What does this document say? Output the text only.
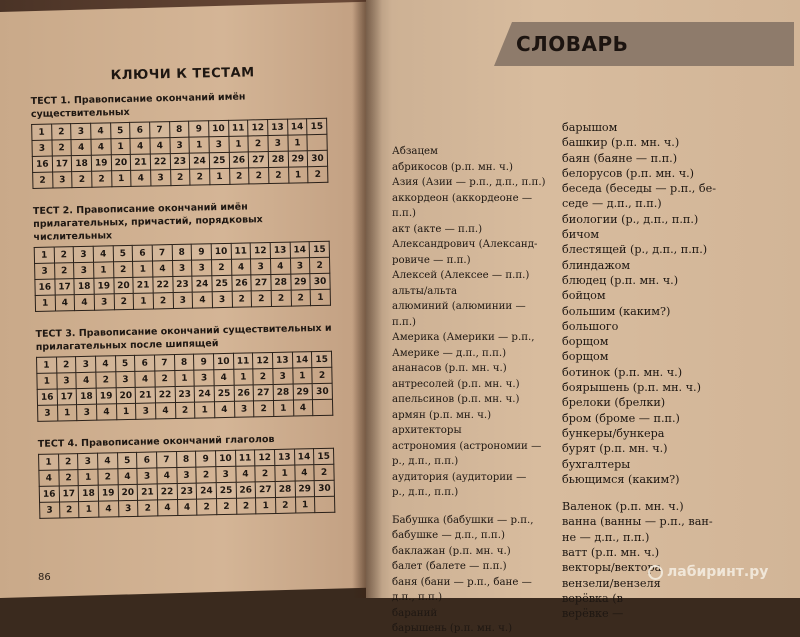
КЛЮЧИ К ТЕСТАМ
ТЕСТ 1. Правописание окончаний имён существительных
1	2	3	4	5	6	7	8	9	10	11	12	13	14	15
3	2	4	4	1	4	4	3	1	3	1	2	3	1	
16	17	18	19	20	21	22	23	24	25	26	27	28	29	30
2	3	2	2	1	4	3	2	2	1	2	2	2	1	2
ТЕСТ 2. Правописание окончаний имён прилагательных, причастий, порядковых числительных
1	2	3	4	5	6	7	8	9	10	11	12	13	14	15
3	2	3	1	2	1	4	3	3	2	4	3	4	3	2
16	17	18	19	20	21	22	23	24	25	26	27	28	29	30
1	4	4	3	2	1	2	3	4	3	2	2	2	2	1
ТЕСТ 3. Правописание окончаний существительных и прилагательных после шипящей
1	2	3	4	5	6	7	8	9	10	11	12	13	14	15
1	3	4	2	3	4	2	1	3	4	1	2	3	1	2
16	17	18	19	20	21	22	23	24	25	26	27	28	29	30
3	1	3	4	1	3	4	2	1	4	3	2	1	4	
ТЕСТ 4. Правописание окончаний глаголов
1	2	3	4	5	6	7	8	9	10	11	12	13	14	15
4	2	1	2	4	3	4	3	2	3	4	2	1	4	2
16	17	18	19	20	21	22	23	24	25	26	27	28	29	30
3	2	1	4	3	2	4	4	2	2	2	1	2	1	
86
СЛОВАРЬ
Абзацем
абрикосов (р.п. мн. ч.)
Азия (Азии — р.п., д.п., п.п.)
аккордеон (аккордеоне —
п.п.)
акт (акте — п.п.)
Александрович (Александ-
ровиче — п.п.)
Алексей (Алексее — п.п.)
альты/альта
алюминий (алюминии —
п.п.)
Америка (Америки — р.п.,
Америке — д.п., п.п.)
ананасов (р.п. мн. ч.)
антресолей (р.п. мн. ч.)
апельсинов (р.п. мн. ч.)
армян (р.п. мн. ч.)
архитекторы
астрономия (астрономии —
р., д.п., п.п.)
аудитория (аудитории —
р., д.п., п.п.)
Бабушка (бабушки — р.п.,
бабушке — д.п., п.п.)
баклажан (р.п. мн. ч.)
балет (балете — п.п.)
баня (бани — р.п., бане —
д.п., п.п.)
бараний
барышень (р.п. мн. ч.)
барышом
башкир (р.п. мн. ч.)
баян (баяне — п.п.)
белорусов (р.п. мн. ч.)
беседа (беседы — р.п., бе-
седе — д.п., п.п.)
биологии (р., д.п., п.п.)
бичом
блестящей (р., д.п., п.п.)
блиндажом
блюдец (р.п. мн. ч.)
бойцом
большим (каким?)
большого
борщом
борщом
ботинок (р.п. мн. ч.)
боярышень (р.п. мн. ч.)
брелоки (брелки)
бром (броме — п.п.)
бункеры/бункера
бурят (р.п. мн. ч.)
бухгалтеры
бьющимся (каким?)
Валенок (р.п. мн. ч.)
ванна (ванны — р.п., ван-
не — д.п., п.п.)
ватт (р.п. мн. ч.)
векторы/вектора
вензели/вензеля
верёвка (в
верёвке —
лабиринт.ру
